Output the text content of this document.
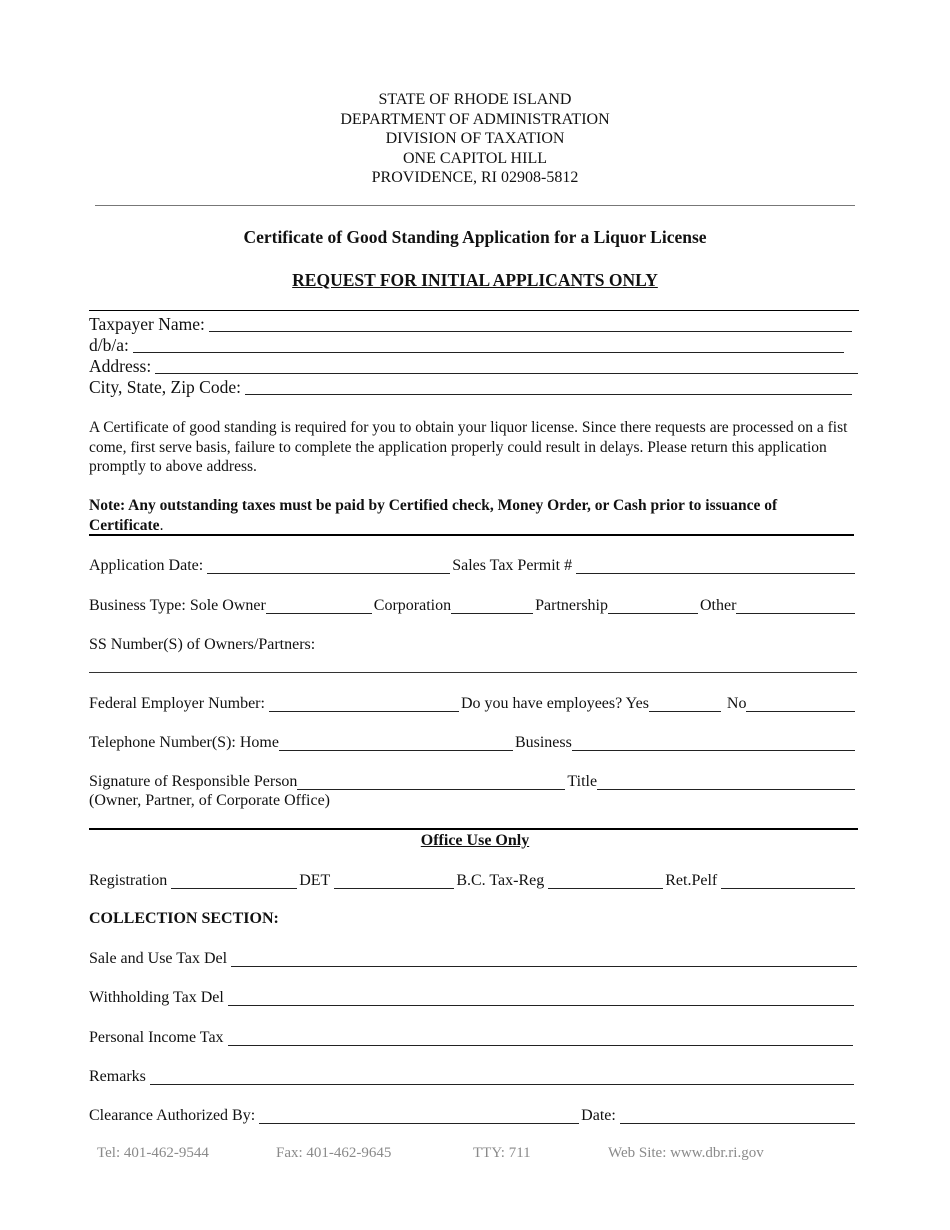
STATE OF RHODE ISLAND
DEPARTMENT OF ADMINISTRATION
DIVISION OF TAXATION
ONE CAPITOL HILL
PROVIDENCE, RI 02908-5812
Certificate of Good Standing Application for a Liquor License
REQUEST FOR INITIAL APPLICANTS ONLY
Taxpayer Name:
d/b/a:
Address:
City, State, Zip Code:
A Certificate of good standing is required for you to obtain your liquor license. Since there requests are processed on a fist come, first serve basis, failure to complete the application properly could result in delays. Please return this application promptly to above address.
Note: Any outstanding taxes must be paid by Certified check, Money Order, or Cash prior to issuance of Certificate.
Application Date:	Sales Tax Permit #
Business Type: Sole Owner	Corporation	Partnership	Other
SS Number(S) of Owners/Partners:
Federal Employer Number:	Do you have employees? Yes	No
Telephone Number(S): Home	Business
Signature of Responsible Person	Title
(Owner, Partner, of Corporate Office)
Office Use Only
Registration	DET	B.C. Tax-Reg	Ret.Pelf
COLLECTION SECTION:
Sale and Use Tax Del
Withholding Tax Del
Personal Income Tax
Remarks
Clearance Authorized By:	Date:
Tel: 401-462-9544	Fax: 401-462-9645	TTY: 711	Web Site: www.dbr.ri.gov
